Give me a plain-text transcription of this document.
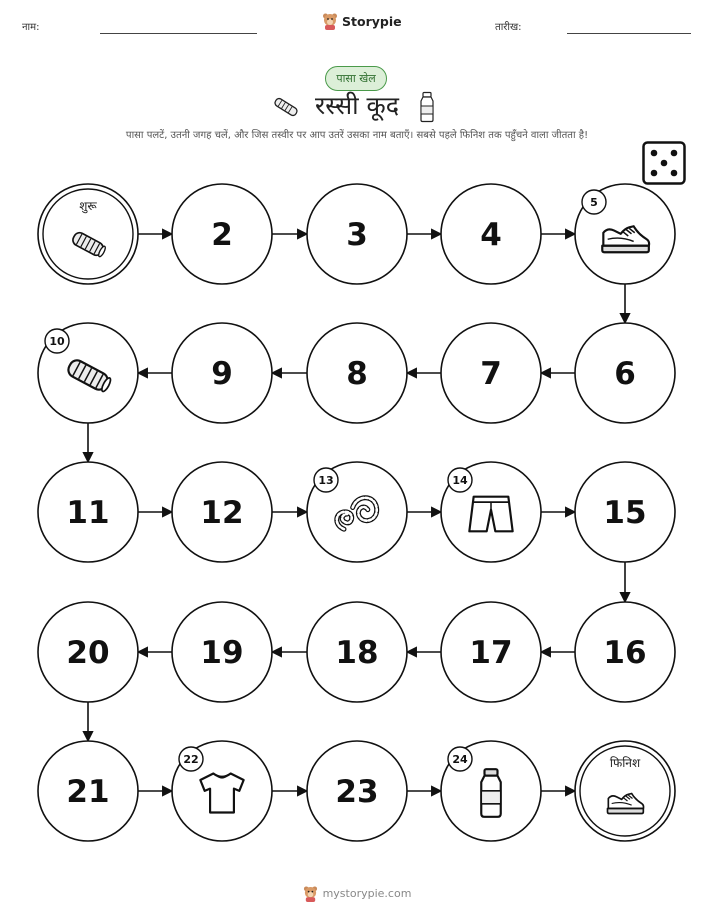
नाम:	Storypie	तारीख:
पासा खेल
रस्सी कूद
पासा पलटें, उतनी जगह चलें, और जिस तस्वीर पर आप उतरें उसका नाम बताएँ। सबसे पहले फिनिश तक पहुँचने वाला जीतता है!
शुरू
2	3	4
5
6
7
8
9
10
11	12
13	14
15
16
17
18
19
20
21
22
23
24	फिनिश
mystorypie.com
